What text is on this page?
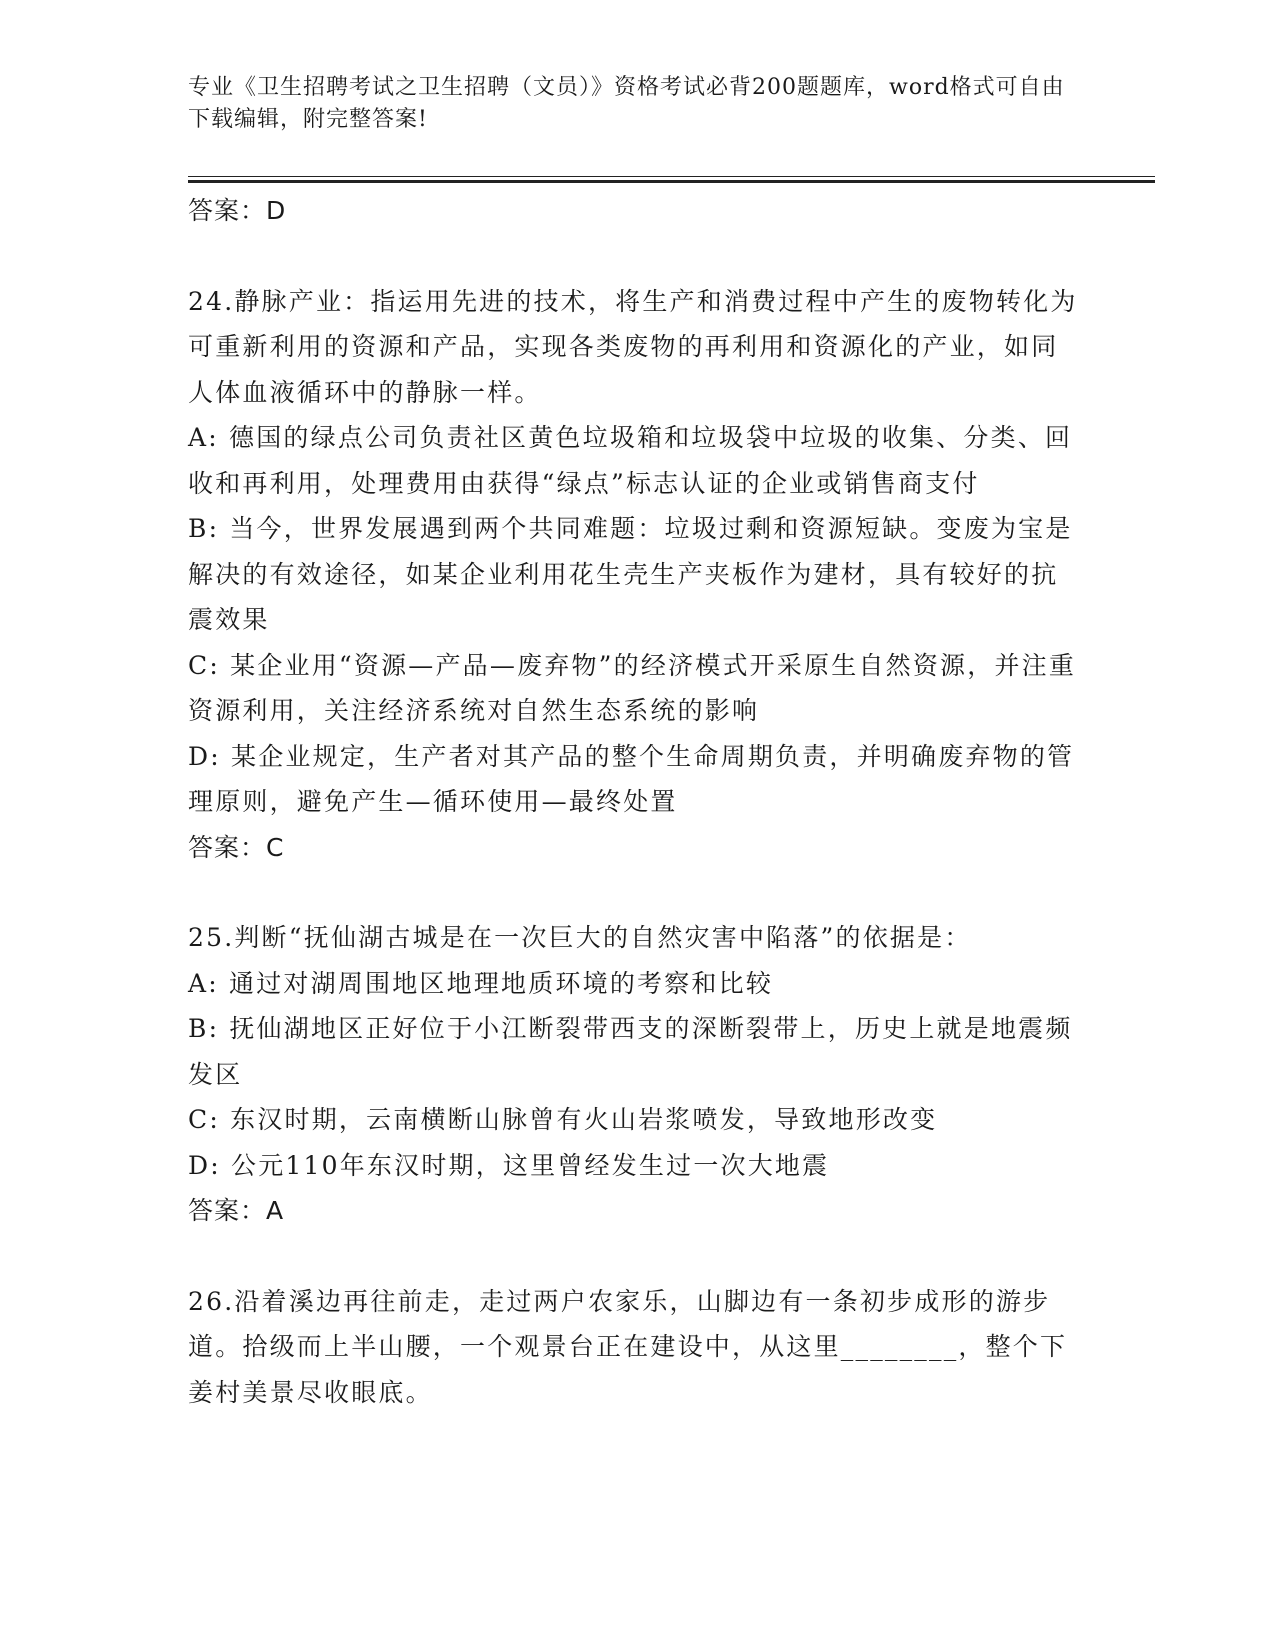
专业《卫生招聘考试之卫生招聘（文员）》资格考试必背200题题库，word格式可自由下载编辑，附完整答案!
答案：D
24.静脉产业：指运用先进的技术，将生产和消费过程中产生的废物转化为可重新利用的资源和产品，实现各类废物的再利用和资源化的产业，如同人体血液循环中的静脉一样。
A: 德国的绿点公司负责社区黄色垃圾箱和垃圾袋中垃圾的收集、分类、回收和再利用，处理费用由获得“绿点”标志认证的企业或销售商支付
B: 当今，世界发展遇到两个共同难题：垃圾过剩和资源短缺。变废为宝是解决的有效途径，如某企业利用花生壳生产夹板作为建材，具有较好的抗震效果
C: 某企业用“资源—产品—废弃物”的经济模式开采原生自然资源，并注重资源利用，关注经济系统对自然生态系统的影响
D: 某企业规定，生产者对其产品的整个生命周期负责，并明确废弃物的管理原则，避免产生—循环使用—最终处置
答案：C
25.判断“抚仙湖古城是在一次巨大的自然灾害中陷落”的依据是：
A: 通过对湖周围地区地理地质环境的考察和比较
B: 抚仙湖地区正好位于小江断裂带西支的深断裂带上，历史上就是地震频发区
C: 东汉时期，云南横断山脉曾有火山岩浆喷发，导致地形改变
D: 公元110年东汉时期，这里曾经发生过一次大地震
答案：A
26.沿着溪边再往前走，走过两户农家乐，山脚边有一条初步成形的游步道。拾级而上半山腰，一个观景台正在建设中，从这里________，整个下姜村美景尽收眼底。
